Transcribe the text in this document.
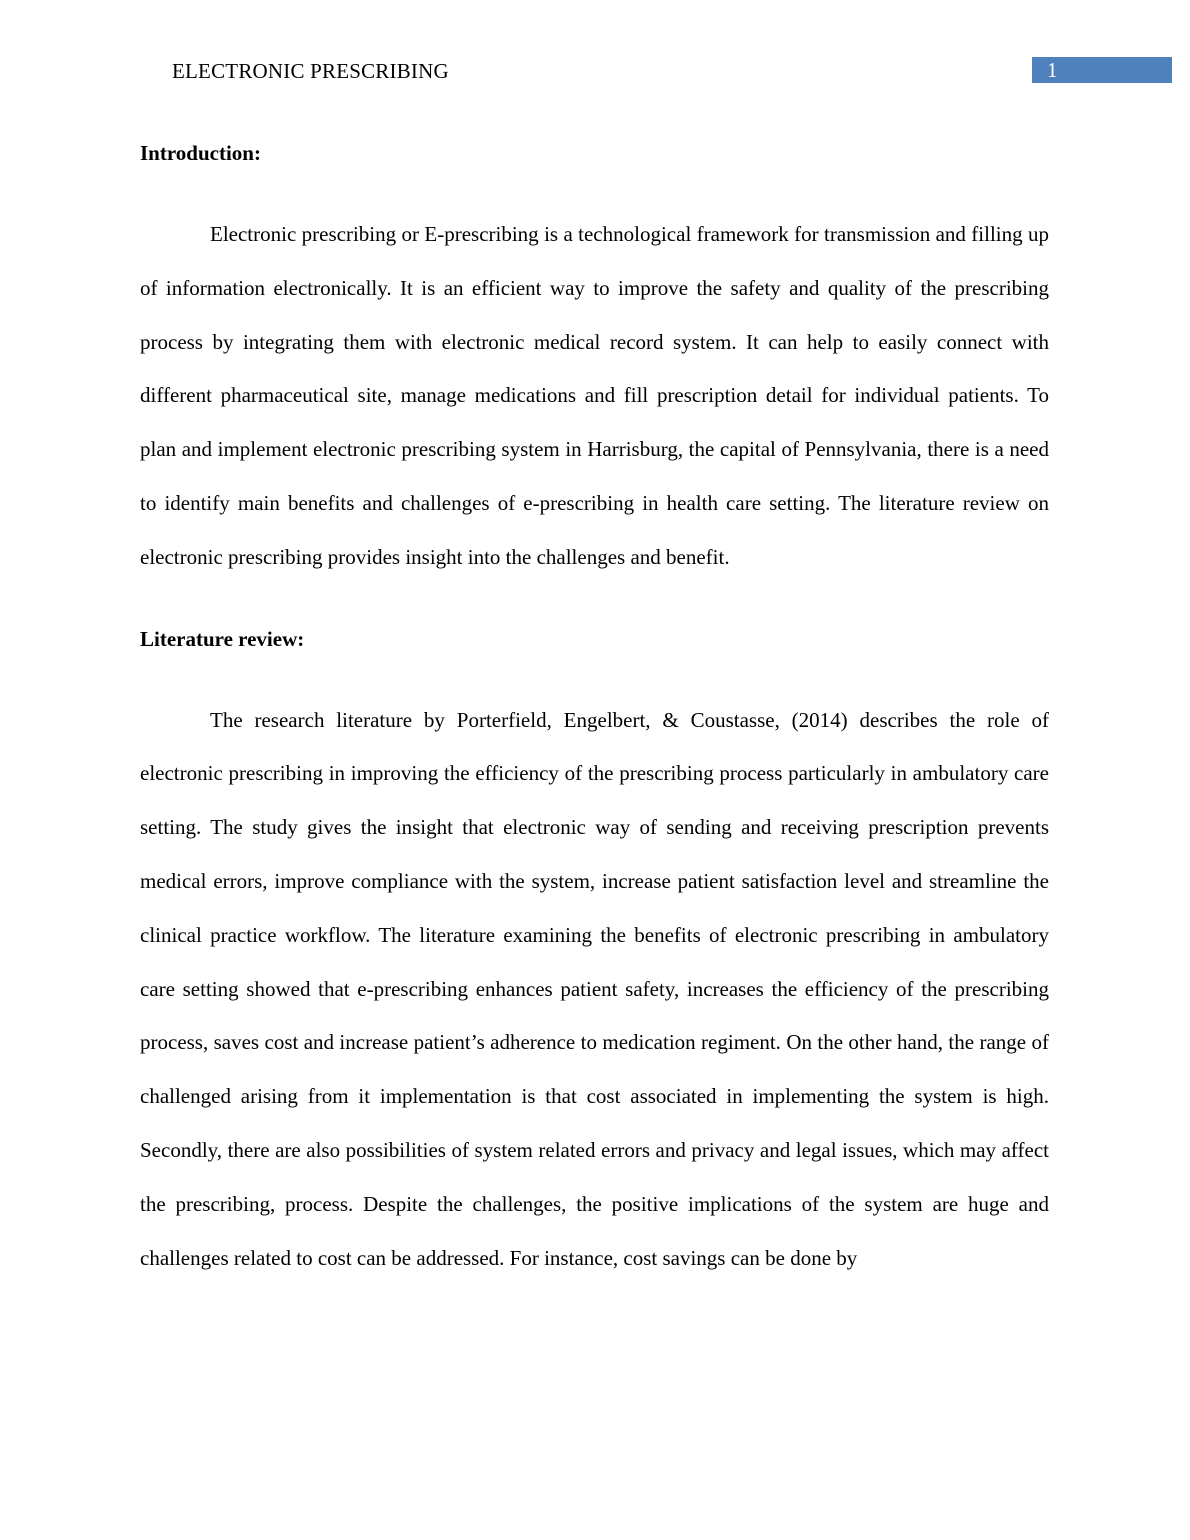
ELECTRONIC PRESCRIBING	1
Introduction:

Electronic prescribing or E-prescribing is a technological framework for transmission and filling up of information electronically. It is an efficient way to improve the safety and quality of the prescribing process by integrating them with electronic medical record system. It can help to easily connect with different pharmaceutical site, manage medications and fill prescription detail for individual patients. To plan and implement electronic prescribing system in Harrisburg, the capital of Pennsylvania, there is a need to identify main benefits and challenges of e-prescribing in health care setting. The literature review on electronic prescribing provides insight into the challenges and benefit.

Literature review:

The research literature by Porterfield, Engelbert, & Coustasse, (2014) describes the role of electronic prescribing in improving the efficiency of the prescribing process particularly in ambulatory care setting. The study gives the insight that electronic way of sending and receiving prescription prevents medical errors, improve compliance with the system, increase patient satisfaction level and streamline the clinical practice workflow. The literature examining the benefits of electronic prescribing in ambulatory care setting showed that e-prescribing enhances patient safety, increases the efficiency of the prescribing process, saves cost and increase patient’s adherence to medication regiment. On the other hand, the range of challenged arising from it implementation is that cost associated in implementing the system is high. Secondly, there are also possibilities of system related errors and privacy and legal issues, which may affect the prescribing, process. Despite the challenges, the positive implications of the system are huge and challenges related to cost can be addressed. For instance, cost savings can be done by
